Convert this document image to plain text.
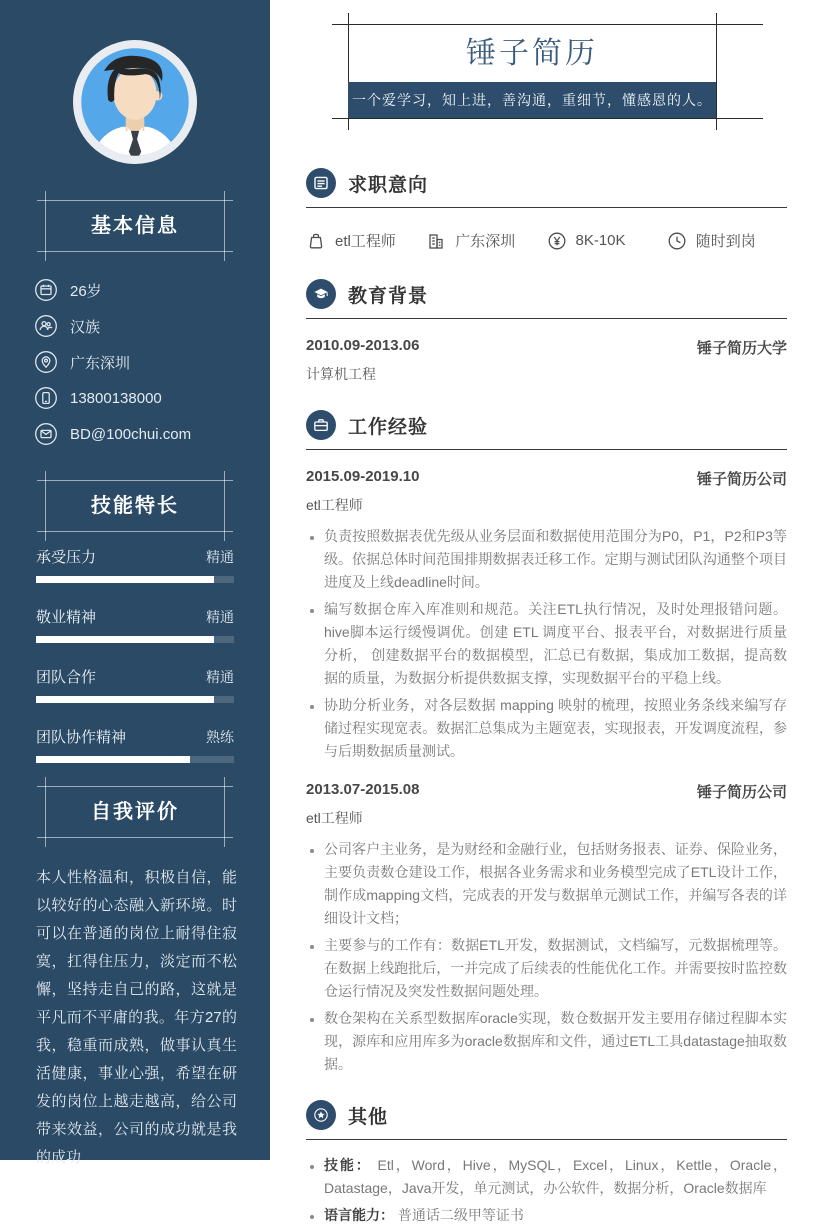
基本信息
26岁
汉族
广东深圳
13800138000
BD@100chui.com
技能特长
承受压力	精通
敬业精神	精通
团队合作	精通
团队协作精神	熟练
自我评价

本人性格温和，积极自信，能以较好的心态融入新环境。时可以在普通的岗位上耐得住寂寞，扛得住压力，淡定而不松懈，坚持走自己的路，这就是平凡而不平庸的我。年方27的我，稳重而成熟，做事认真生活健康，事业心强，希望在研发的岗位上越走越高，给公司带来效益，公司的成功就是我的成功

锤子简历
一个爱学习，知上进，善沟通，重细节，懂感恩的人。
求职意向
etl工程师	广东深圳	8K-10K	随时到岗
教育背景
2010.09-2013.06	锤子简历大学
计算机工程
工作经验
2015.09-2019.10	锤子简历公司
etl工程师
• 负责按照数据表优先级从业务层面和数据使用范围分为P0，P1，P2和P3等级。依据总体时间范围排期数据表迁移工作。定期与测试团队沟通整个项目进度及上线deadline时间。
• 编写数据仓库入库准则和规范。关注ETL执行情况，及时处理报错问题。hive脚本运行缓慢调优。创建 ETL 调度平台、报表平台，对数据进行质量分析， 创建数据平台的数据模型，汇总已有数据，集成加工数据，提高数据的质量，为数据分析提供数据支撑，实现数据平台的平稳上线。
• 协助分析业务，对各层数据 mapping 映射的梳理，按照业务条线来编写存储过程实现宽表。数据汇总集成为主题宽表，实现报表，开发调度流程，参与后期数据质量测试。
2013.07-2015.08	锤子简历公司
etl工程师
• 公司客户主业务，是为财经和金融行业，包括财务报表、证券、保险业务，主要负责数仓建设工作，根据各业务需求和业务模型完成了ETL设计工作，制作成mapping文档，完成表的开发与数据单元测试工作，并编写各表的详细设计文档；
• 主要参与的工作有：数据ETL开发，数据测试，文档编写，元数据梳理等。在数据上线跑批后，一并完成了后续表的性能优化工作。并需要按时监控数仓运行情况及突发性数据问题处理。
• 数仓架构在关系型数据库oracle实现，数仓数据开发主要用存储过程脚本实现，源库和应用库多为oracle数据库和文件，通过ETL工具datastage抽取数据。
其他
• 技能： Etl，Word，Hive，MySQL，Excel，Linux，Kettle，Oracle，Datastage，Java开发，单元测试，办公软件，数据分析，Oracle数据库
• 语言能力： 普通话二级甲等证书
